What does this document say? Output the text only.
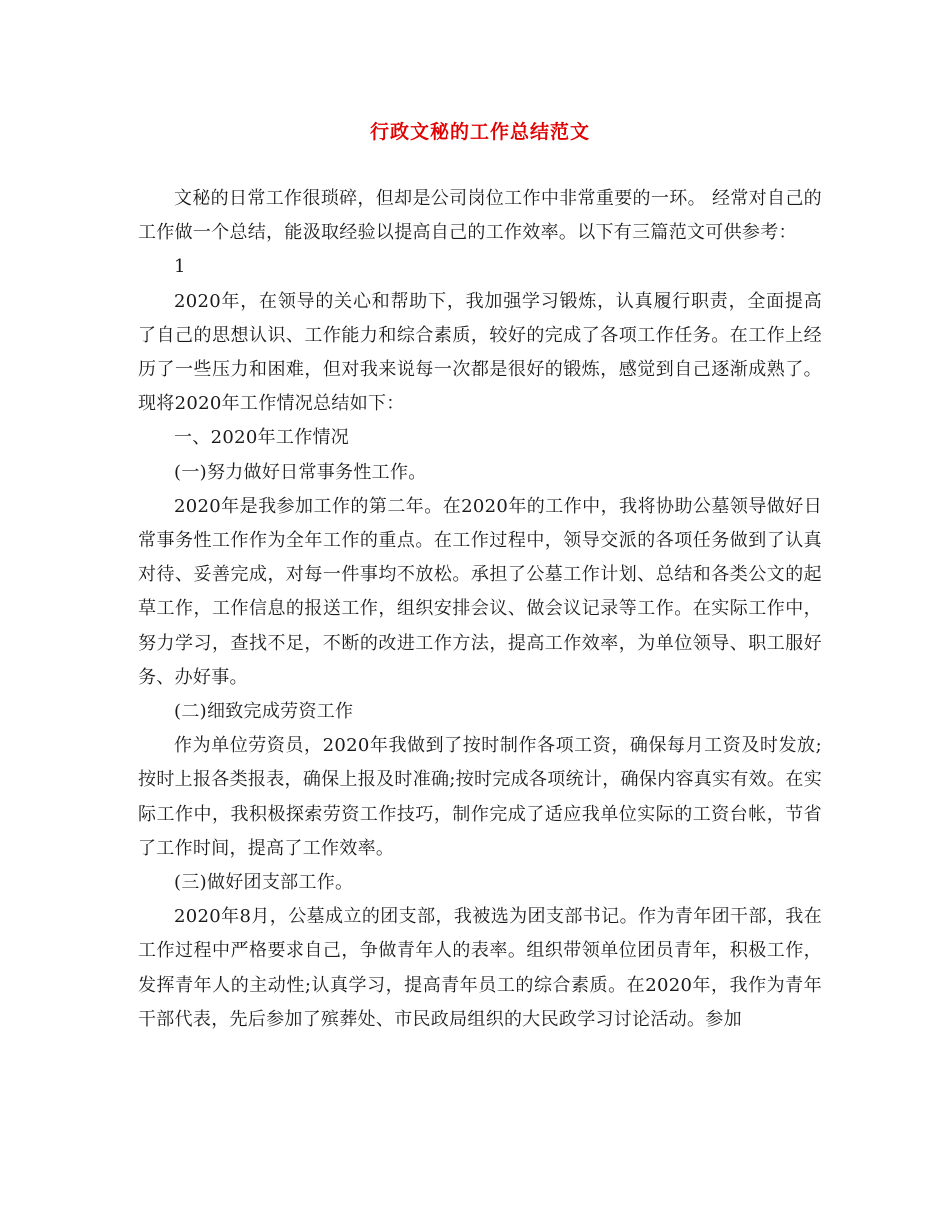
行政文秘的工作总结范文

文秘的日常工作很琐碎，但却是公司岗位工作中非常重要的一环。 经常对自己的工作做一个总结，能汲取经验以提高自己的工作效率。以下有三篇范文可供参考：

1

2020年，在领导的关心和帮助下，我加强学习锻炼，认真履行职责，全面提高了自己的思想认识、工作能力和综合素质，较好的完成了各项工作任务。在工作上经历了一些压力和困难，但对我来说每一次都是很好的锻炼，感觉到自己逐渐成熟了。现将2020年工作情况总结如下：

一、2020年工作情况

(一)努力做好日常事务性工作。

2020年是我参加工作的第二年。在2020年的工作中，我将协助公墓领导做好日常事务性工作作为全年工作的重点。在工作过程中，领导交派的各项任务做到了认真对待、妥善完成，对每一件事均不放松。承担了公墓工作计划、总结和各类公文的起草工作，工作信息的报送工作，组织安排会议、做会议记录等工作。在实际工作中，努力学习，查找不足，不断的改进工作方法，提高工作效率，为单位领导、职工服好务、办好事。

(二)细致完成劳资工作

作为单位劳资员，2020年我做到了按时制作各项工资，确保每月工资及时发放;按时上报各类报表，确保上报及时准确;按时完成各项统计，确保内容真实有效。在实际工作中，我积极探索劳资工作技巧，制作完成了适应我单位实际的工资台帐，节省了工作时间，提高了工作效率。

(三)做好团支部工作。

2020年8月，公墓成立的团支部，我被选为团支部书记。作为青年团干部，我在工作过程中严格要求自己，争做青年人的表率。组织带领单位团员青年，积极工作，发挥青年人的主动性;认真学习，提高青年员工的综合素质。在2020年，我作为青年干部代表，先后参加了殡葬处、市民政局组织的大民政学习讨论活动。参加
